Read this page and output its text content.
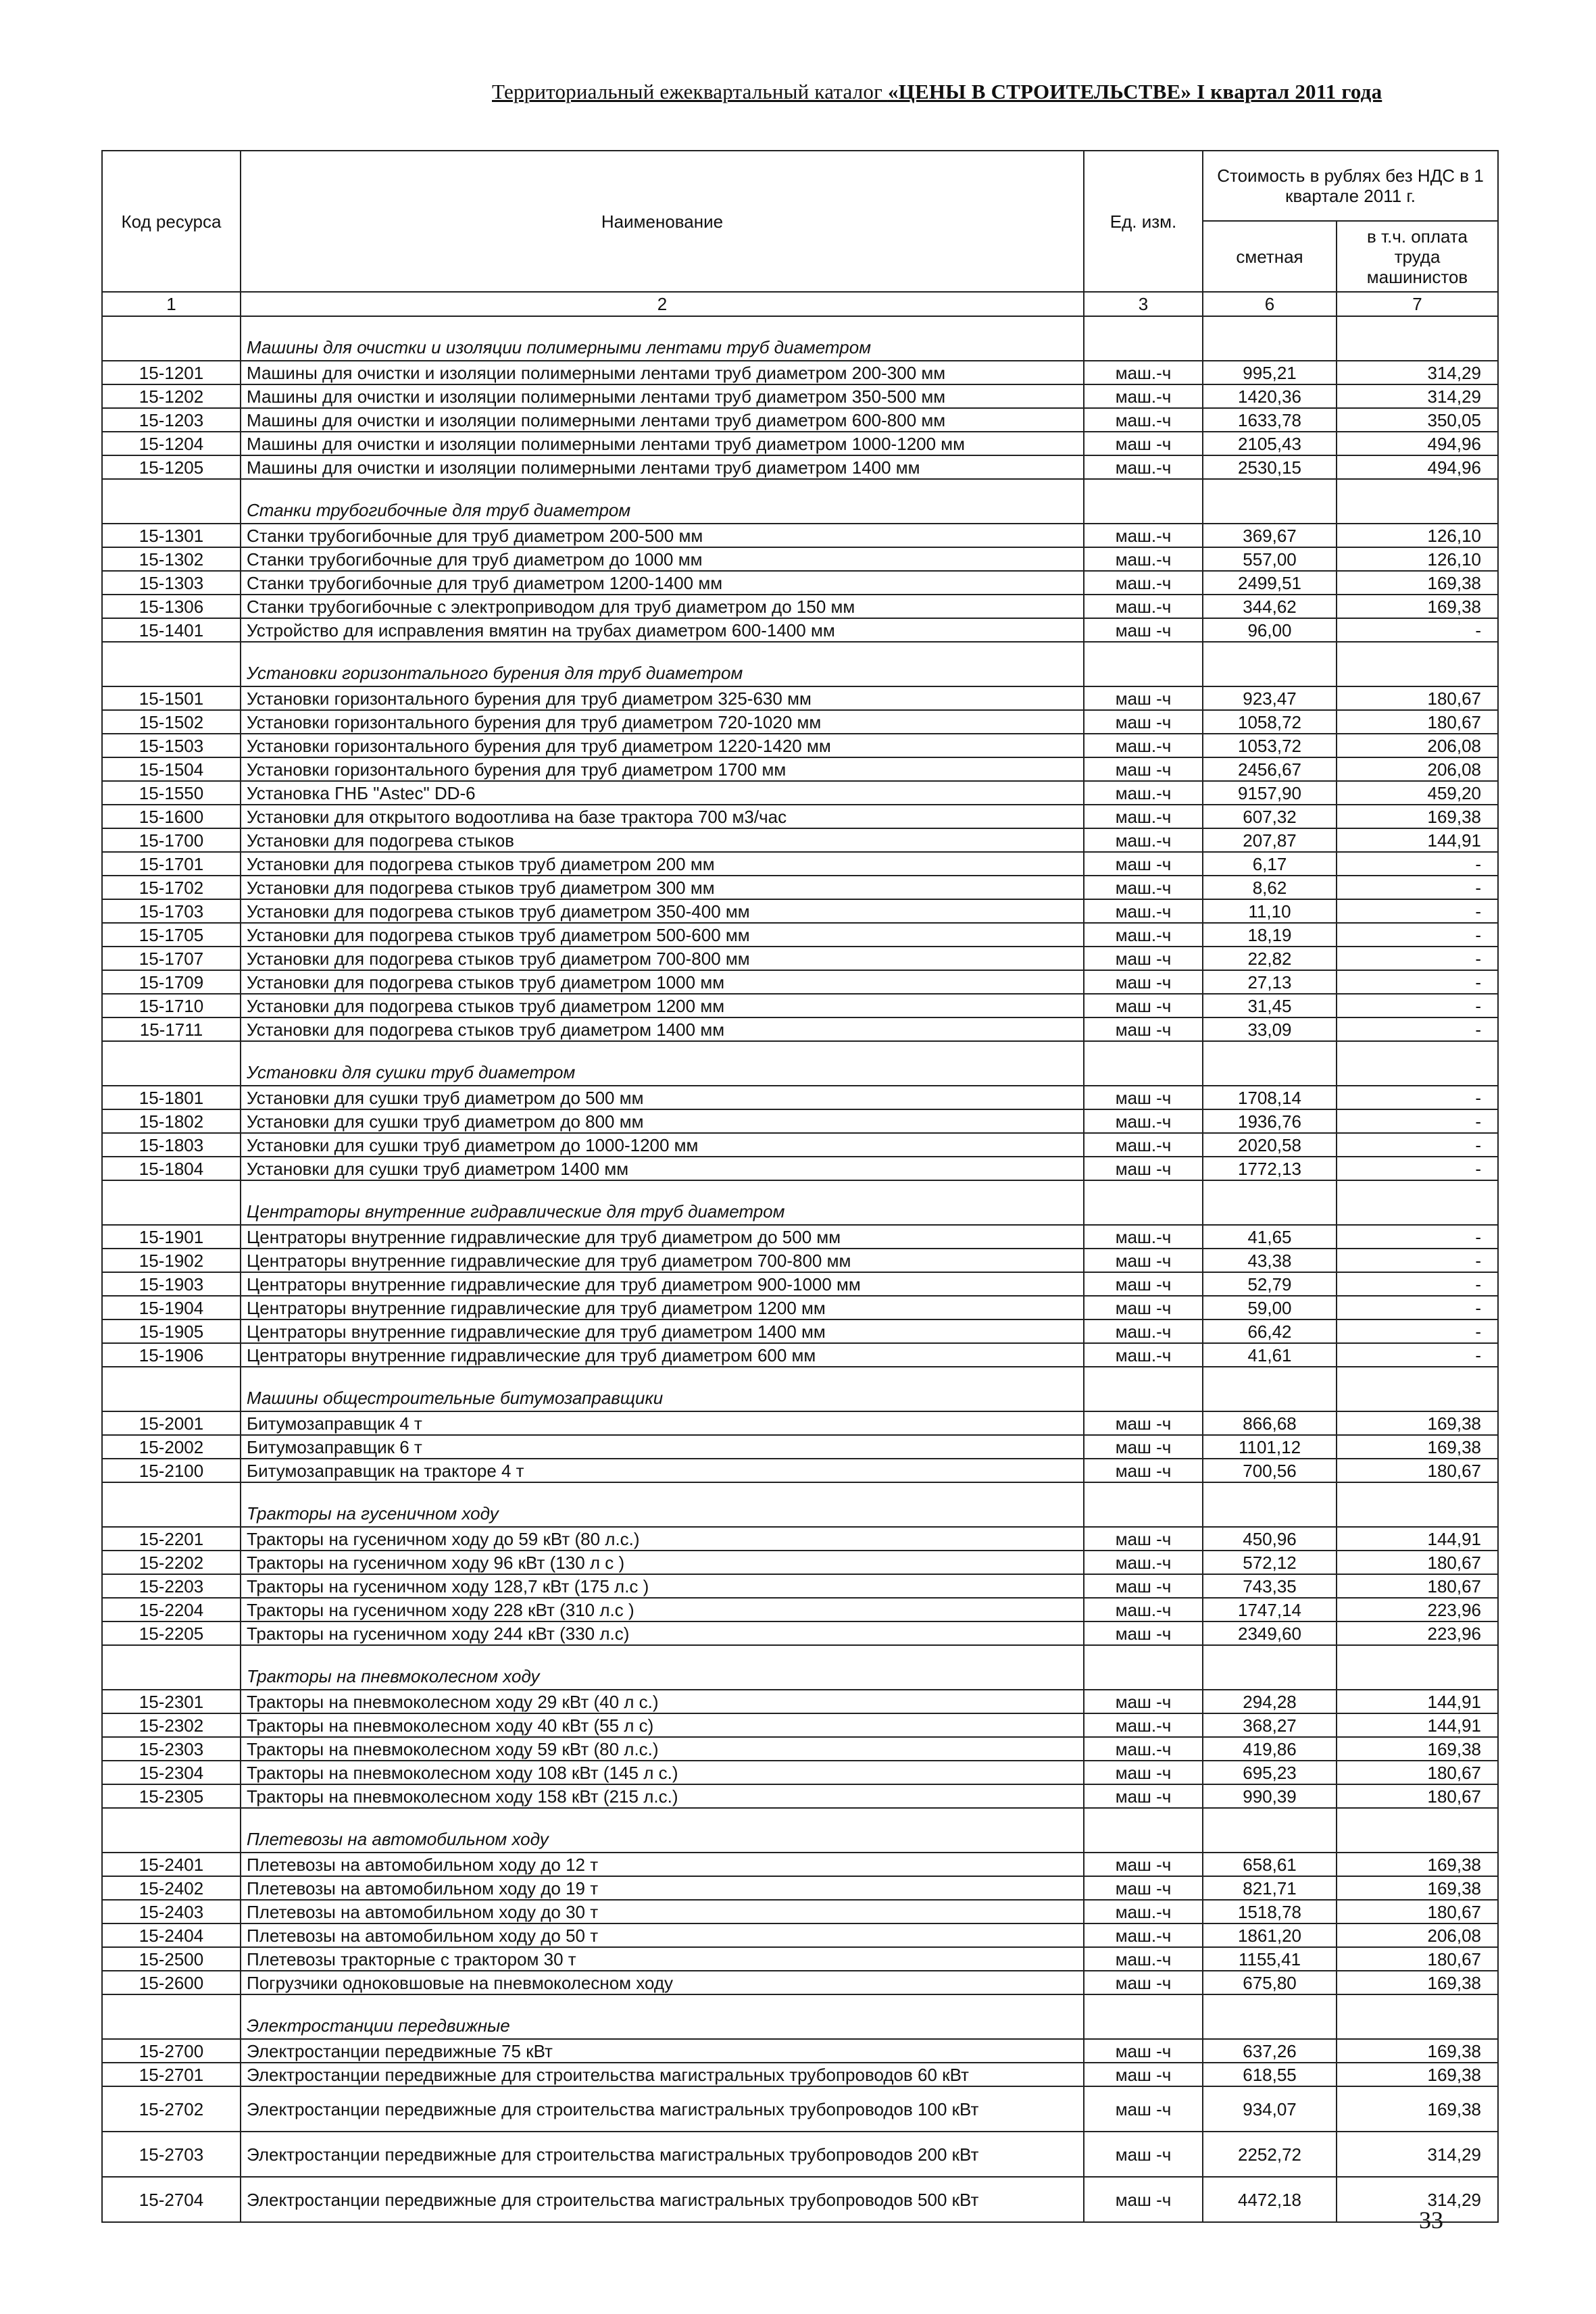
Территориальный ежеквартальный каталог «ЦЕНЫ В СТРОИТЕЛЬСТВЕ» I квартал 2011 года
Код ресурса	Наименование	Ед. изм.	Стоимость в рублях без НДС в 1 квартале 2011 г.	
			сметная	в т.ч. оплата труда машинистов
1	2	3	6	7
	Машины для очистки и изоляции полимерными лентами труб диаметром			
15-1201	Машины для очистки и изоляции полимерными лентами труб диаметром 200-300 мм	маш.-ч	995,21	314,29
15-1202	Машины для очистки и изоляции полимерными лентами труб диаметром 350-500 мм	маш.-ч	1420,36	314,29
15-1203	Машины для очистки и изоляции полимерными лентами труб диаметром 600-800 мм	маш.-ч	1633,78	350,05
15-1204	Машины для очистки и изоляции полимерными лентами труб диаметром 1000-1200 мм	маш -ч	2105,43	494,96
15-1205	Машины для очистки и изоляции полимерными лентами труб диаметром 1400 мм	маш.-ч	2530,15	494,96
	Станки трубогибочные для труб диаметром			
15-1301	Станки трубогибочные для труб диаметром 200-500 мм	маш.-ч	369,67	126,10
15-1302	Станки трубогибочные для труб диаметром до 1000 мм	маш.-ч	557,00	126,10
15-1303	Станки трубогибочные для труб диаметром 1200-1400 мм	маш.-ч	2499,51	169,38
15-1306	Станки трубогибочные с электроприводом для труб диаметром до 150 мм	маш.-ч	344,62	169,38
15-1401	Устройство для исправления вмятин на трубах диаметром 600-1400 мм	маш -ч	96,00	-
	Установки горизонтального бурения для труб диаметром			
15-1501	Установки горизонтального бурения для труб диаметром 325-630 мм	маш -ч	923,47	180,67
15-1502	Установки горизонтального бурения для труб диаметром 720-1020 мм	маш -ч	1058,72	180,67
15-1503	Установки горизонтального бурения для труб диаметром 1220-1420 мм	маш.-ч	1053,72	206,08
15-1504	Установки горизонтального бурения для труб диаметром 1700 мм	маш -ч	2456,67	206,08
15-1550	Установка ГНБ "Astec" DD-6	маш.-ч	9157,90	459,20
15-1600	Установки для открытого водоотлива на базе трактора 700 м3/час	маш.-ч	607,32	169,38
15-1700	Установки для подогрева стыков	маш.-ч	207,87	144,91
15-1701	Установки для подогрева стыков труб диаметром 200 мм	маш -ч	6,17	-
15-1702	Установки для подогрева стыков труб диаметром 300 мм	маш.-ч	8,62	-
15-1703	Установки для подогрева стыков труб диаметром 350-400 мм	маш.-ч	11,10	-
15-1705	Установки для подогрева стыков труб диаметром 500-600 мм	маш.-ч	18,19	-
15-1707	Установки для подогрева стыков труб диаметром 700-800 мм	маш -ч	22,82	-
15-1709	Установки для подогрева стыков труб диаметром 1000 мм	маш -ч	27,13	-
15-1710	Установки для подогрева стыков труб диаметром 1200 мм	маш -ч	31,45	-
15-1711	Установки для подогрева стыков труб диаметром 1400 мм	маш -ч	33,09	-
	Установки для сушки труб диаметром			
15-1801	Установки для сушки труб диаметром до 500 мм	маш -ч	1708,14	-
15-1802	Установки для сушки труб диаметром до 800 мм	маш.-ч	1936,76	-
15-1803	Установки для сушки труб диаметром до 1000-1200 мм	маш.-ч	2020,58	-
15-1804	Установки для сушки труб диаметром 1400 мм	маш -ч	1772,13	-
	Центраторы внутренние гидравлические для труб диаметром			
15-1901	Центраторы внутренние гидравлические для труб диаметром до 500 мм	маш.-ч	41,65	-
15-1902	Центраторы внутренние гидравлические для труб диаметром 700-800 мм	маш -ч	43,38	-
15-1903	Центраторы внутренние гидравлические для труб диаметром 900-1000 мм	маш -ч	52,79	-
15-1904	Центраторы внутренние гидравлические для труб диаметром 1200 мм	маш -ч	59,00	-
15-1905	Центраторы внутренние гидравлические для труб диаметром 1400 мм	маш.-ч	66,42	-
15-1906	Центраторы внутренние гидравлические для труб диаметром 600 мм	маш.-ч	41,61	-
	Машины общестроительные битумозаправщики			
15-2001	Битумозаправщик 4 т	маш -ч	866,68	169,38
15-2002	Битумозаправщик 6 т	маш -ч	1101,12	169,38
15-2100	Битумозаправщик на тракторе 4 т	маш -ч	700,56	180,67
	Тракторы на гусеничном ходу			
15-2201	Тракторы на гусеничном ходу до 59 кВт (80 л.с.)	маш -ч	450,96	144,91
15-2202	Тракторы на гусеничном ходу 96 кВт (130 л с )	маш.-ч	572,12	180,67
15-2203	Тракторы на гусеничном ходу 128,7 кВт (175 л.с )	маш -ч	743,35	180,67
15-2204	Тракторы на гусеничном ходу 228 кВт (310 л.с )	маш.-ч	1747,14	223,96
15-2205	Тракторы на гусеничном ходу 244 кВт (330 л.с)	маш -ч	2349,60	223,96
	Тракторы на пневмоколесном ходу			
15-2301	Тракторы на пневмоколесном ходу 29 кВт (40 л с.)	маш -ч	294,28	144,91
15-2302	Тракторы на пневмоколесном ходу 40 кВт (55 л с)	маш.-ч	368,27	144,91
15-2303	Тракторы на пневмоколесном ходу 59 кВт (80 л.с.)	маш.-ч	419,86	169,38
15-2304	Тракторы на пневмоколесном ходу 108 кВт (145 л с.)	маш -ч	695,23	180,67
15-2305	Тракторы на пневмоколесном ходу 158 кВт (215 л.с.)	маш -ч	990,39	180,67
	Плетевозы на автомобильном ходу			
15-2401	Плетевозы на автомобильном ходу до 12 т	маш -ч	658,61	169,38
15-2402	Плетевозы на автомобильном ходу до 19 т	маш -ч	821,71	169,38
15-2403	Плетевозы на автомобильном ходу до 30 т	маш.-ч	1518,78	180,67
15-2404	Плетевозы на автомобильном ходу до 50 т	маш.-ч	1861,20	206,08
15-2500	Плетевозы тракторные с трактором 30 т	маш.-ч	1155,41	180,67
15-2600	Погрузчики одноковшовые на пневмоколесном ходу	маш -ч	675,80	169,38
	Электростанции передвижные			
15-2700	Электростанции передвижные 75 кВт	маш -ч	637,26	169,38
15-2701	Электростанции передвижные для строительства магистральных трубопроводов 60 кВт	маш -ч	618,55	169,38
15-2702	Электростанции передвижные для строительства магистральных трубопроводов 100 кВт	маш -ч	934,07	169,38
15-2703	Электростанции передвижные для строительства магистральных трубопроводов 200 кВт	маш -ч	2252,72	314,29
15-2704	Электростанции передвижные для строительства магистральных трубопроводов 500 кВт	маш -ч	4472,18	314,29
33
